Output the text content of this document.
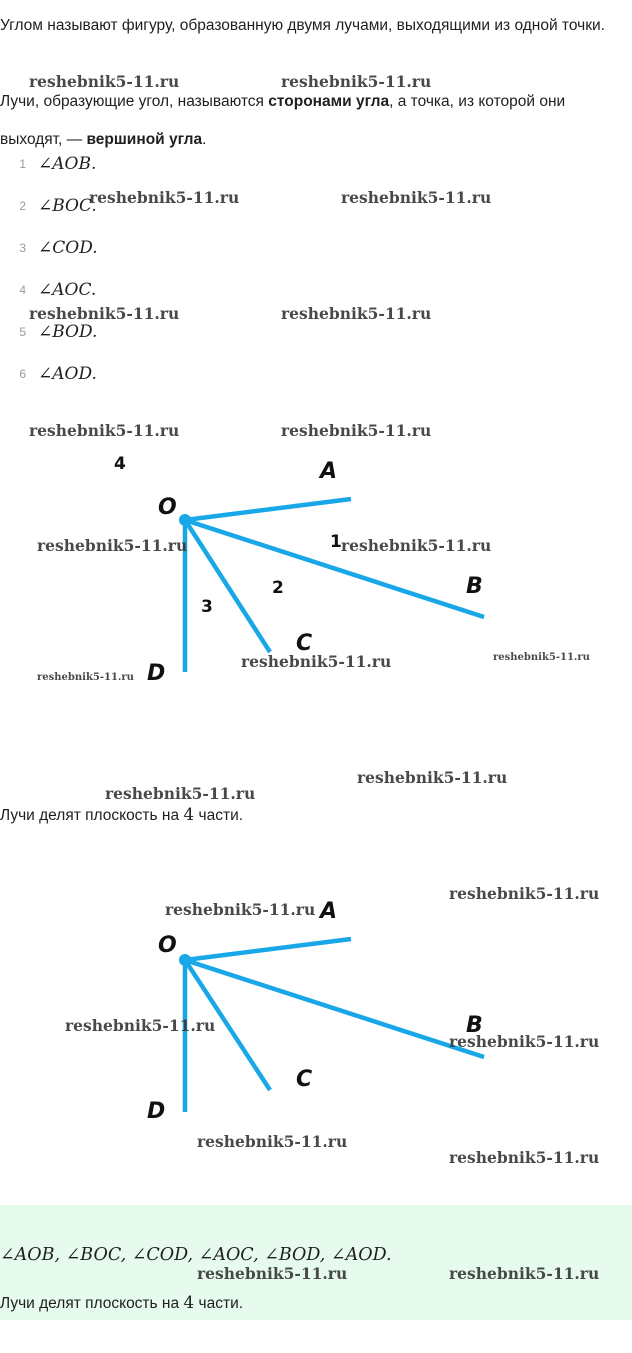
Углом называют фигуру, образованную двумя лучами, выходящими из одной точки.

Лучи, образующие угол, называются сторонами угла, а точка, из которой они выходят, — вершиной угла.

1 ∠AOB.
2 ∠BOC.
3 ∠COD.
4 ∠AOC.
5 ∠BOD.
6 ∠AOD.
O
A
B
C
D
1
2
3
4

Лучи делят плоскость на 4 части.

O
A
B
C
D

∠AOB, ∠BOC, ∠COD, ∠AOC, ∠BOD, ∠AOD.

Лучи делят плоскость на 4 части.

reshebnik5-11.ru	reshebnik5-11.ru
reshebnik5-11.ru	reshebnik5-11.ru
reshebnik5-11.ru	reshebnik5-11.ru
reshebnik5-11.ru	reshebnik5-11.ru
reshebnik5-11.ru	reshebnik5-11.ru
reshebnik5-11.ru	reshebnik5-11.ru
reshebnik5-11.ru
reshebnik5-11.ru
reshebnik5-11.ru
reshebnik5-11.ru
reshebnik5-11.ru
reshebnik5-11.ru
reshebnik5-11.ru
reshebnik5-11.ru
reshebnik5-11.ru
reshebnik5-11.ru	reshebnik5-11.ru
